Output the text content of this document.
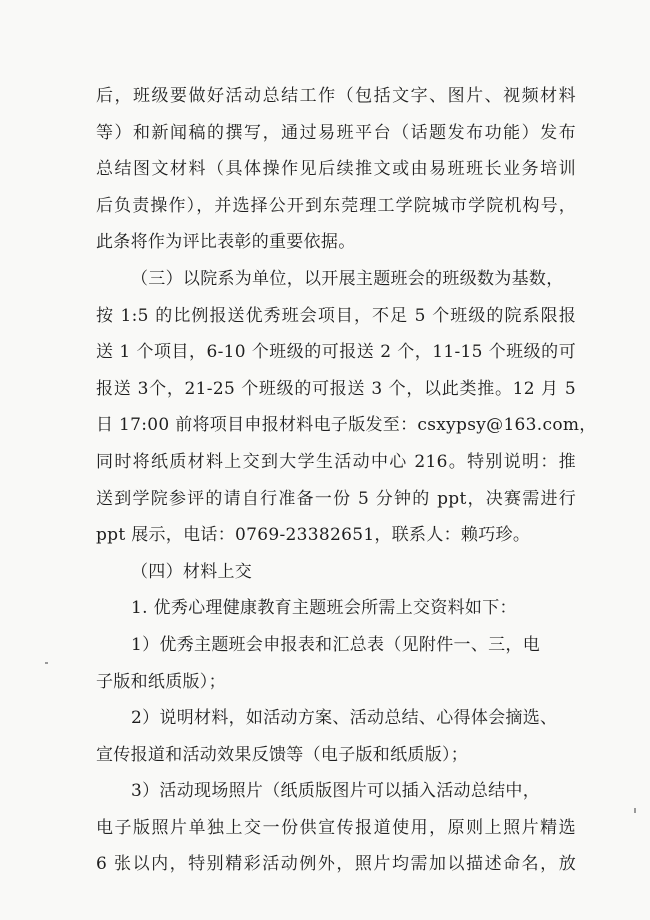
后，班级要做好活动总结工作（包括文字、图片、视频材料
等）和新闻稿的撰写，通过易班平台（话题发布功能）发布
总结图文材料（具体操作见后续推文或由易班班长业务培训
后负责操作），并选择公开到东莞理工学院城市学院机构号，
此条将作为评比表彰的重要依据。
（三）以院系为单位，以开展主题班会的班级数为基数，
按 1:5 的比例报送优秀班会项目，不足 5 个班级的院系限报
送 1 个项目，6-10 个班级的可报送 2 个，11-15 个班级的可
报送 3个，21-25 个班级的可报送 3 个，以此类推。12 月 5
日 17:00 前将项目申报材料电子版发至：csxypsy@163.com，
同时将纸质材料上交到大学生活动中心 216。特别说明：推
送到学院参评的请自行准备一份 5 分钟的 ppt，决赛需进行
ppt 展示，电话：0769-23382651，联系人：赖巧珍。
（四）材料上交
1. 优秀心理健康教育主题班会所需上交资料如下：
1）优秀主题班会申报表和汇总表（见附件一、三，电
子版和纸质版）；
2）说明材料，如活动方案、活动总结、心得体会摘选、
宣传报道和活动效果反馈等（电子版和纸质版）；
3）活动现场照片（纸质版图片可以插入活动总结中，
电子版照片单独上交一份供宣传报道使用，原则上照片精选
6 张以内，特别精彩活动例外，照片均需加以描述命名，放
